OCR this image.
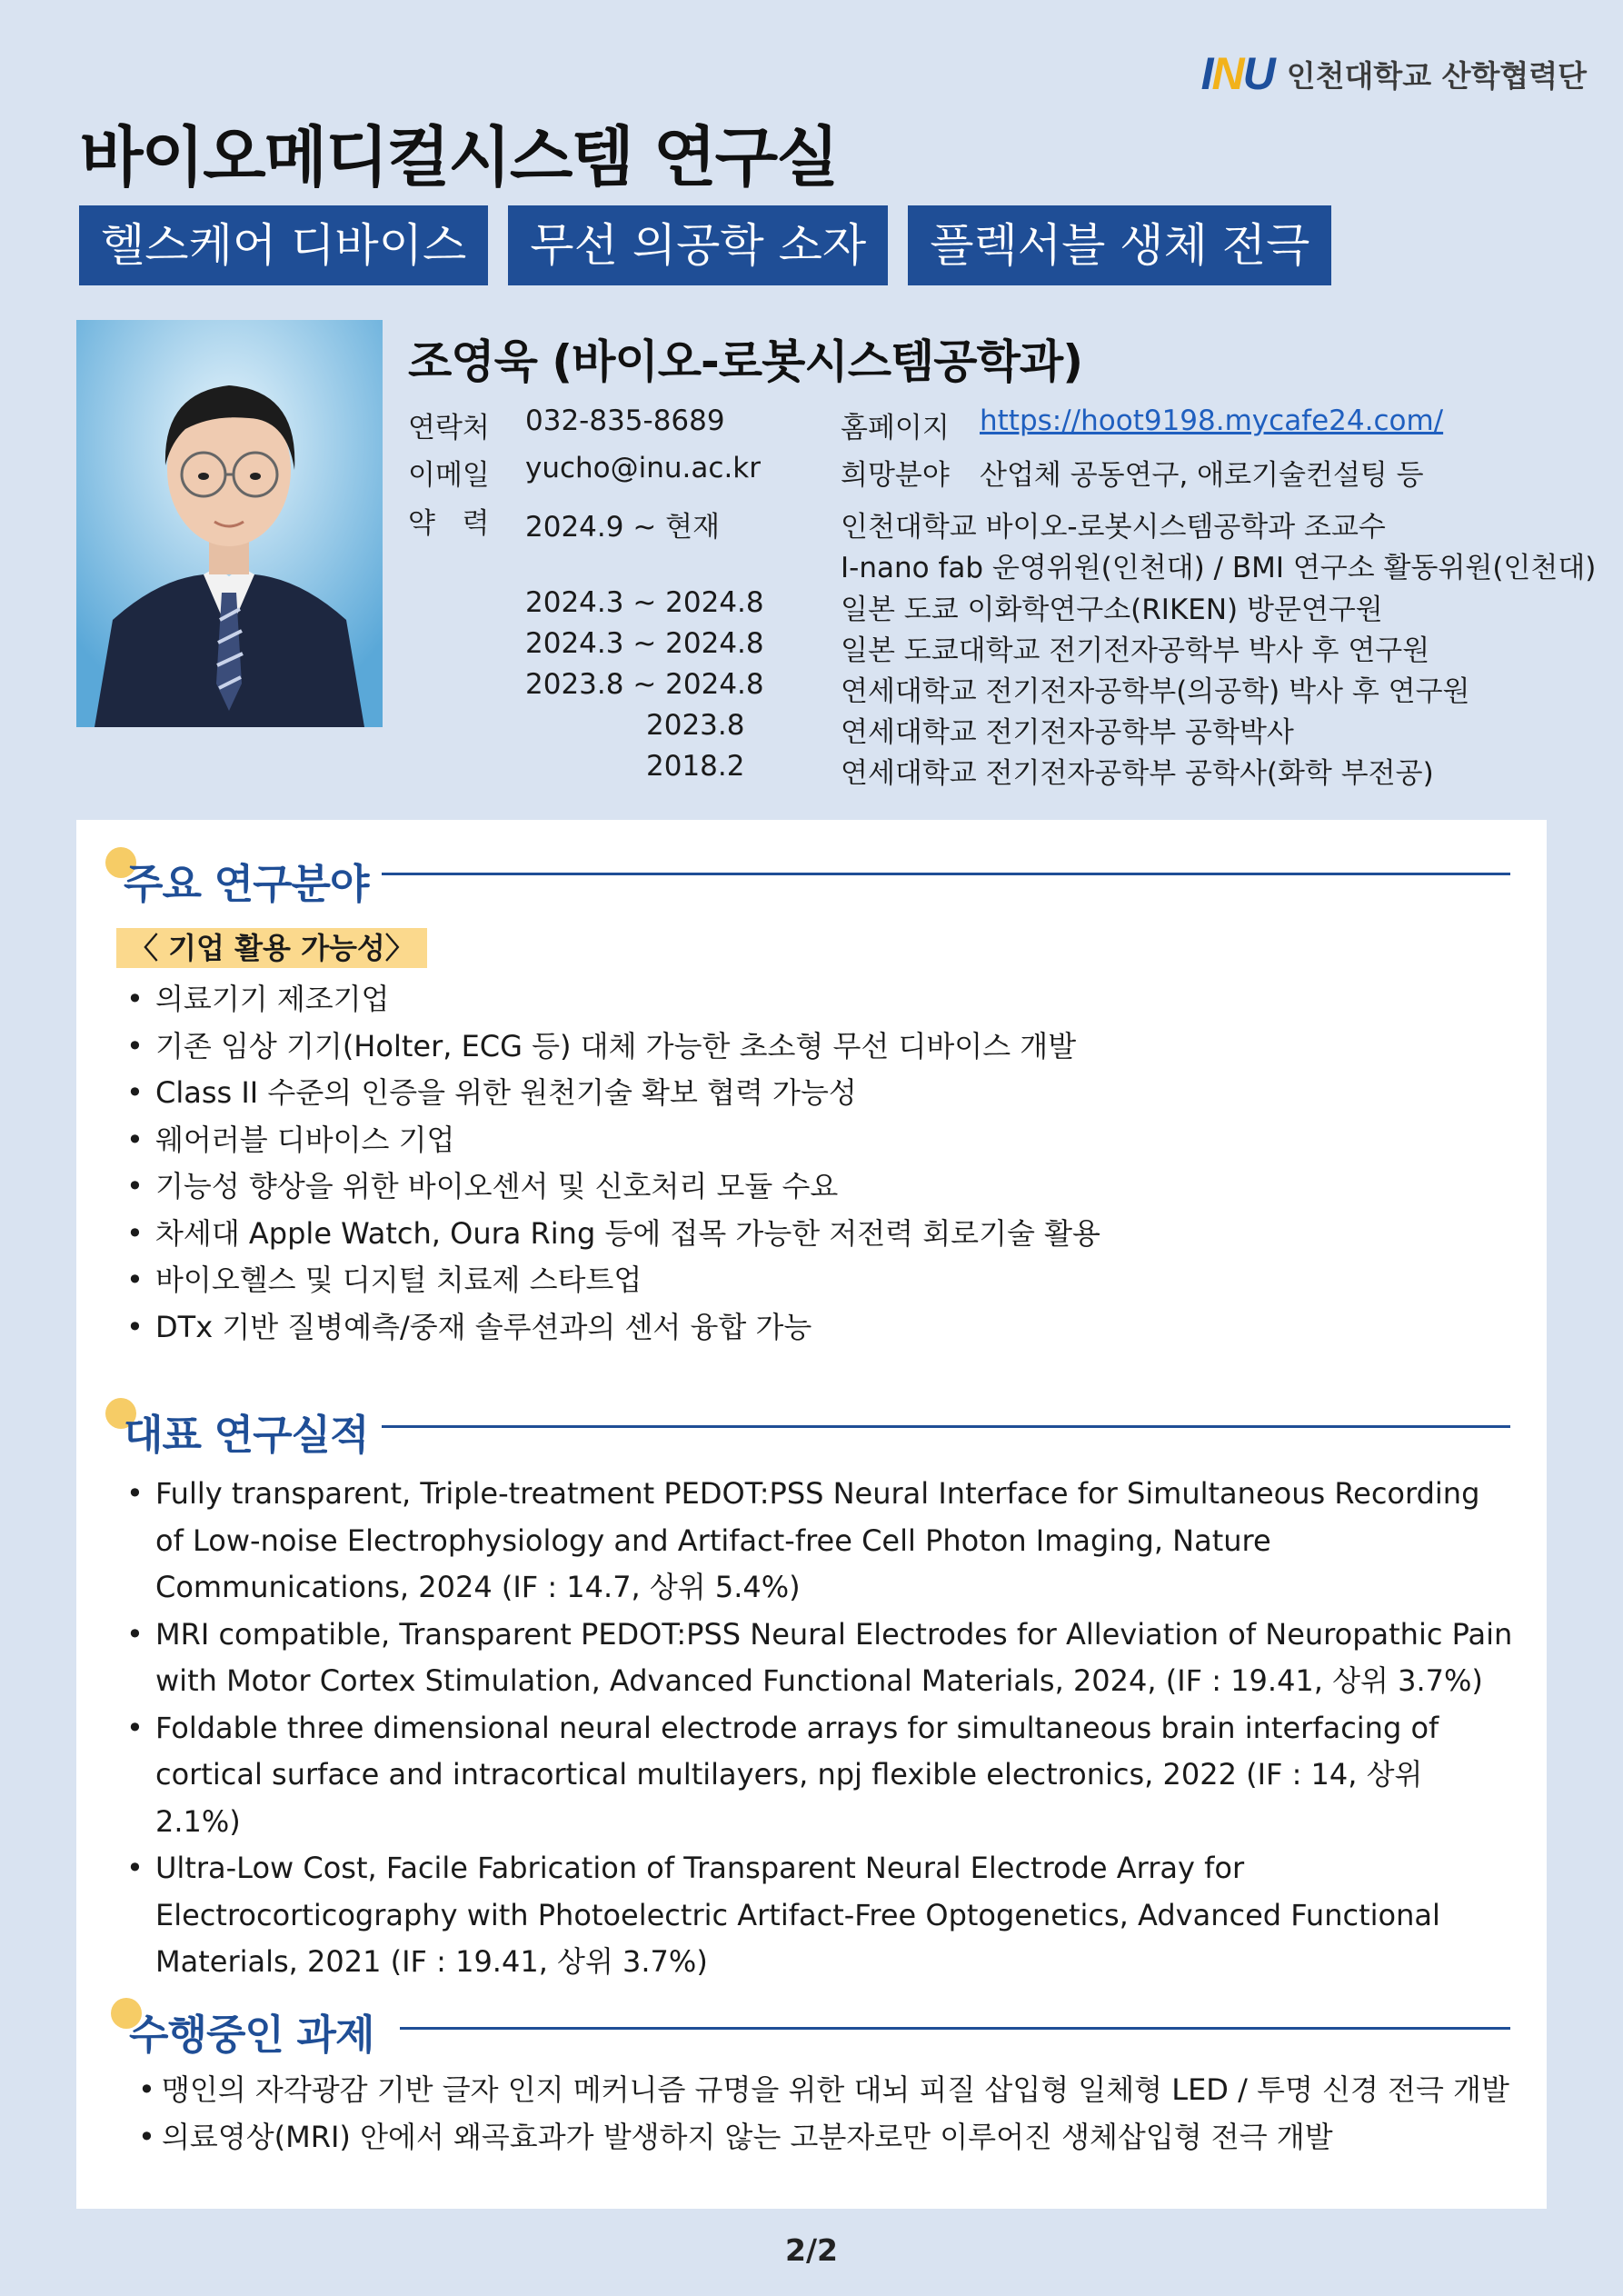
INU 인천대학교 산학협력단
바이오메디컬시스템 연구실
헬스케어 디바이스	무선 의공학 소자	플렉서블 생체 전극
조영욱 (바이오-로봇시스템공학과)
연락처 032-835-8689	홈페이지 https://hoot9198.mycafe24.com/
이메일 yucho@inu.ac.kr	희망분야 산업체 공동연구, 애로기술컨설팅 등
약   력 2024.9 ~ 현재	인천대학교 바이오-로봇시스템공학과 조교수
I-nano fab 운영위원(인천대) / BMI 연구소 활동위원(인천대)
2024.3 ~ 2024.8	일본 도쿄 이화학연구소(RIKEN) 방문연구원
2024.3 ~ 2024.8	일본 도쿄대학교 전기전자공학부 박사 후 연구원
2023.8 ~ 2024.8	연세대학교 전기전자공학부(의공학) 박사 후 연구원
2023.8	연세대학교 전기전자공학부 공학박사
2018.2	연세대학교 전기전자공학부 공학사(화학 부전공)
주요 연구분야
〈 기업 활용 가능성〉
• 의료기기 제조기업
• 기존 임상 기기(Holter, ECG 등) 대체 가능한 초소형 무선 디바이스 개발
• Class II 수준의 인증을 위한 원천기술 확보 협력 가능성
• 웨어러블 디바이스 기업
• 기능성 향상을 위한 바이오센서 및 신호처리 모듈 수요
• 차세대 Apple Watch, Oura Ring 등에 접목 가능한 저전력 회로기술 활용
• 바이오헬스 및 디지털 치료제 스타트업
• DTx 기반 질병예측/중재 솔루션과의 센서 융합 가능
대표 연구실적
• Fully transparent, Triple-treatment PEDOT:PSS Neural Interface for Simultaneous Recording of Low-noise Electrophysiology and Artifact-free Cell Photon Imaging, Nature Communications, 2024 (IF : 14.7, 상위 5.4%)
• MRI compatible, Transparent PEDOT:PSS Neural Electrodes for Alleviation of Neuropathic Pain with Motor Cortex Stimulation, Advanced Functional Materials, 2024, (IF : 19.41, 상위 3.7%)
• Foldable three dimensional neural electrode arrays for simultaneous brain interfacing of cortical surface and intracortical multilayers, npj flexible electronics, 2022 (IF : 14, 상위 2.1%)
• Ultra-Low Cost, Facile Fabrication of Transparent Neural Electrode Array for Electrocorticography with Photoelectric Artifact-Free Optogenetics, Advanced Functional Materials, 2021 (IF : 19.41, 상위 3.7%)
수행중인 과제
• 맹인의 자각광감 기반 글자 인지 메커니즘 규명을 위한 대뇌 피질 삽입형 일체형 LED / 투명 신경 전극 개발
• 의료영상(MRI) 안에서 왜곡효과가 발생하지 않는 고분자로만 이루어진 생체삽입형 전극 개발
2/2
